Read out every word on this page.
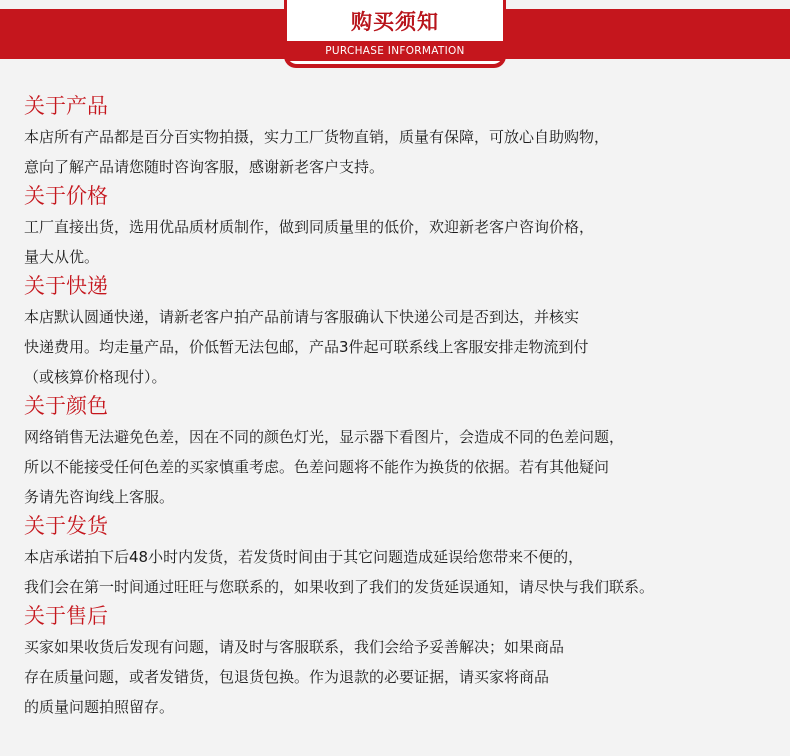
购买须知
PURCHASE INFORMATION
关于产品

本店所有产品都是百分百实物拍摄，实力工厂货物直销，质量有保障，可放心自助购物，

意向了解产品请您随时咨询客服，感谢新老客户支持。

关于价格

工厂直接出货，选用优品质材质制作，做到同质量里的低价，欢迎新老客户咨询价格，

量大从优。

关于快递

本店默认圆通快递，请新老客户拍产品前请与客服确认下快递公司是否到达，并核实

快递费用。均走量产品，价低暂无法包邮，产品3件起可联系线上客服安排走物流到付

（或核算价格现付）。

关于颜色

网络销售无法避免色差，因在不同的颜色灯光，显示器下看图片，会造成不同的色差问题，

所以不能接受任何色差的买家慎重考虑。色差问题将不能作为换货的依据。若有其他疑问

务请先咨询线上客服。

关于发货

本店承诺拍下后48小时内发货，若发货时间由于其它问题造成延误给您带来不便的，

我们会在第一时间通过旺旺与您联系的，如果收到了我们的发货延误通知，请尽快与我们联系。

关于售后

买家如果收货后发现有问题，请及时与客服联系，我们会给予妥善解决；如果商品

存在质量问题，或者发错货，包退货包换。作为退款的必要证据，请买家将商品

的质量问题拍照留存。
